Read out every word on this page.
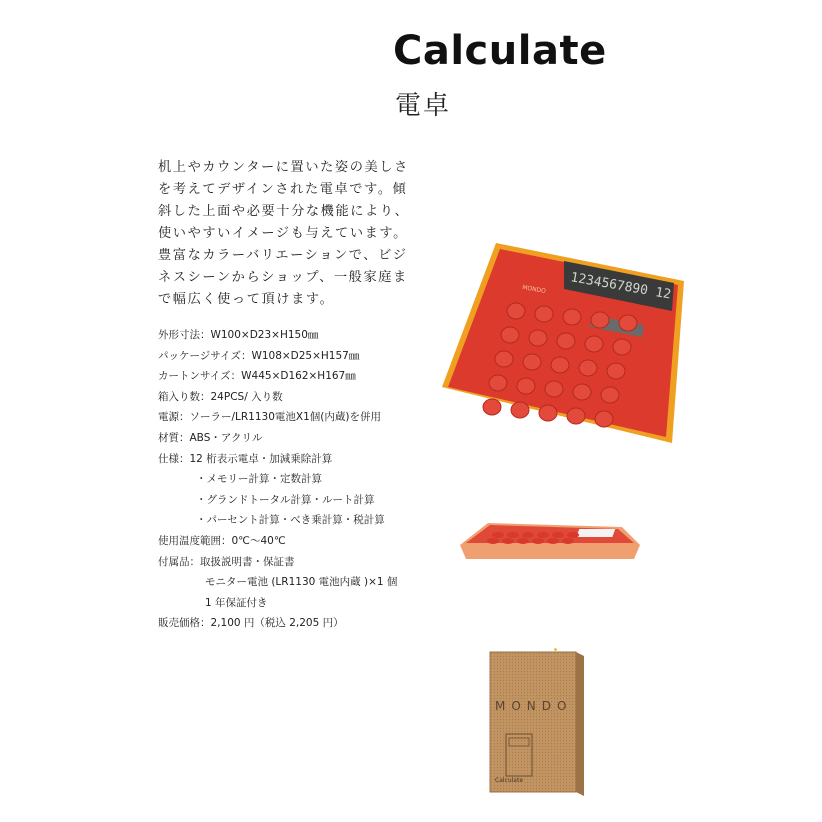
Calculate
電卓
机上やカウンターに置いた姿の美しさ
を考えてデザインされた電卓です。傾
斜した上面や必要十分な機能により、
使いやすいイメージも与えています。
豊富なカラーバリエーションで、ビジ
ネスシーンからショップ、一般家庭ま
で幅広く使って頂けます。
外形寸法：W100×D23×H150㎜
パッケージサイズ：W108×D25×H157㎜
カートンサイズ：W445×D162×H167㎜
箱入り数：24PCS/ 入り数
電源：ソーラー/LR1130電池X1個(内蔵)を併用
材質：ABS・アクリル
仕様：12 桁表示電卓・加減乗除計算
・メモリー計算・定数計算
・グランドトータル計算・ルート計算
・パーセント計算・べき乗計算・税計算
使用温度範囲：0℃～40℃
付属品：取扱説明書・保証書
モニター電池 (LR1130 電池内蔵 )×1 個
1 年保証付き
販売価格：2,100 円（税込 2,205 円）
1234567890 12
MONDO
MONDO
Calculate
